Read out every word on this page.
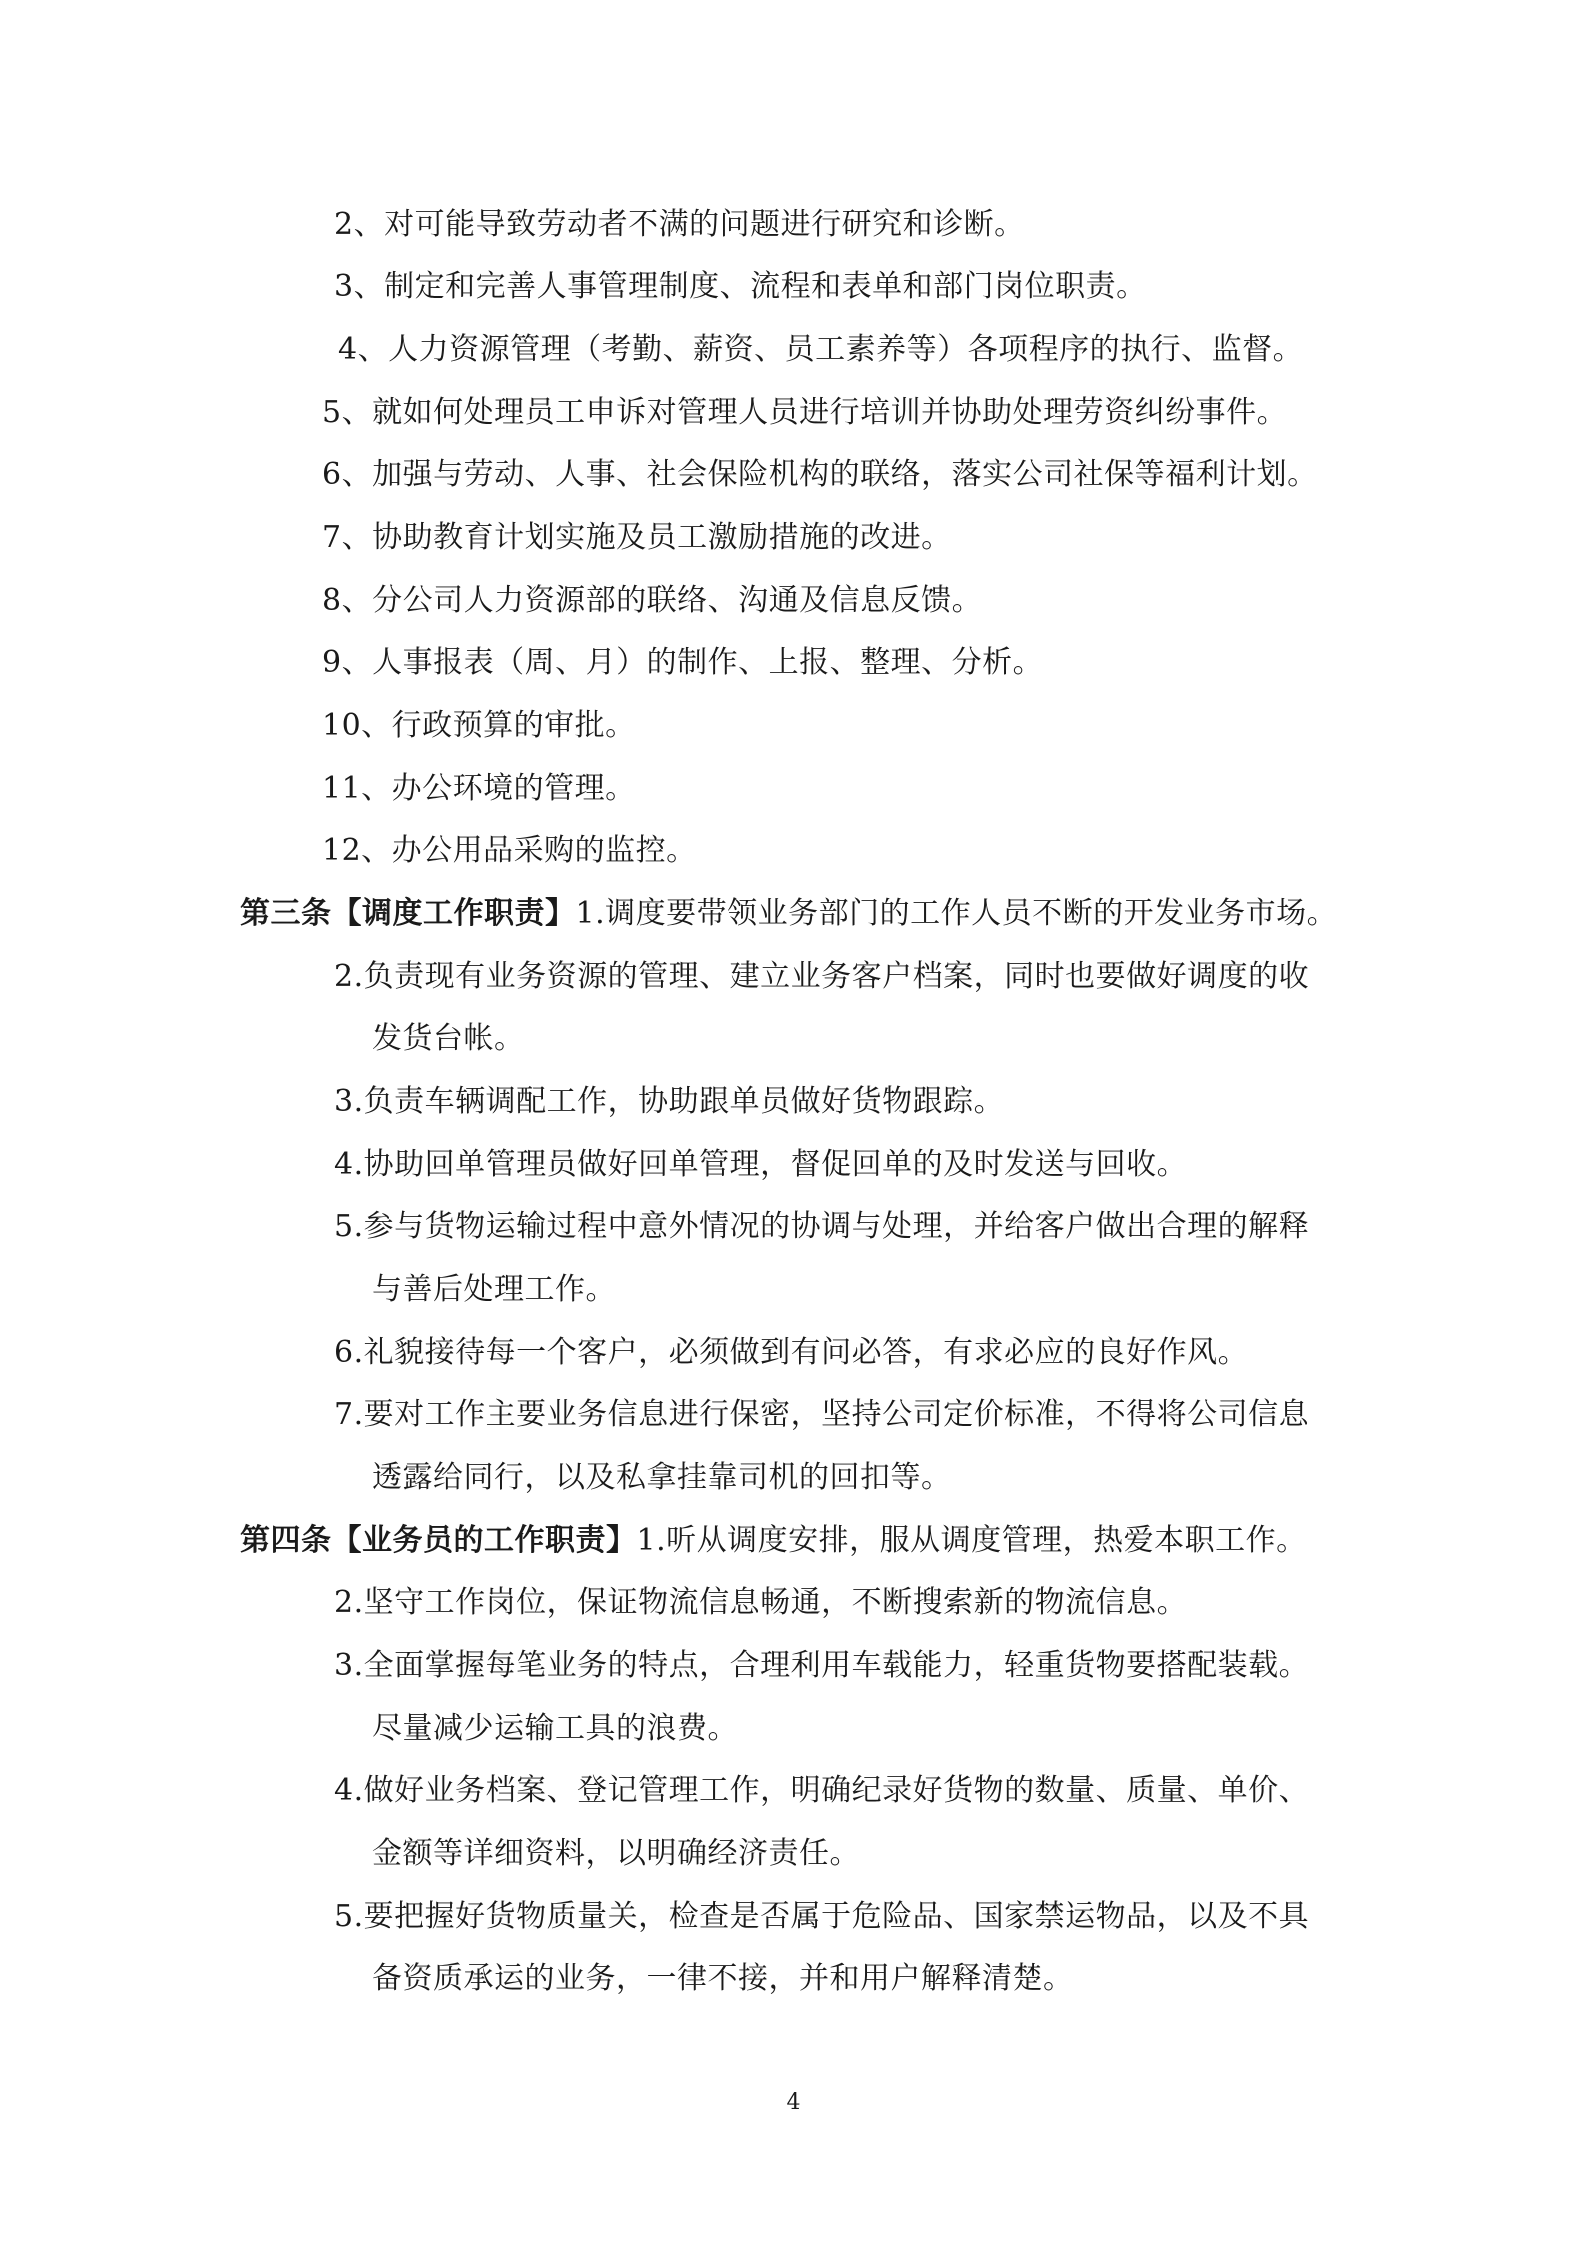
2、对可能导致劳动者不满的问题进行研究和诊断。
3、制定和完善人事管理制度、流程和表单和部门岗位职责。
4、人力资源管理（考勤、薪资、员工素养等）各项程序的执行、监督。
5、就如何处理员工申诉对管理人员进行培训并协助处理劳资纠纷事件。
6、加强与劳动、人事、社会保险机构的联络，落实公司社保等福利计划。
7、协助教育计划实施及员工激励措施的改进。
8、分公司人力资源部的联络、沟通及信息反馈。
9、人事报表（周、月）的制作、上报、整理、分析。
10、行政预算的审批。
11、办公环境的管理。
12、办公用品采购的监控。
第三条【调度工作职责】1.调度要带领业务部门的工作人员不断的开发业务市场。
2.负责现有业务资源的管理、建立业务客户档案，同时也要做好调度的收
发货台帐。
3.负责车辆调配工作，协助跟单员做好货物跟踪。
4.协助回单管理员做好回单管理，督促回单的及时发送与回收。
5.参与货物运输过程中意外情况的协调与处理，并给客户做出合理的解释
与善后处理工作。
6.礼貌接待每一个客户，必须做到有问必答，有求必应的良好作风。
7.要对工作主要业务信息进行保密，坚持公司定价标准，不得将公司信息
透露给同行，以及私拿挂靠司机的回扣等。
第四条【业务员的工作职责】1.听从调度安排，服从调度管理，热爱本职工作。
2.坚守工作岗位，保证物流信息畅通，不断搜索新的物流信息。
3.全面掌握每笔业务的特点，合理利用车载能力，轻重货物要搭配装载。
尽量减少运输工具的浪费。
4.做好业务档案、登记管理工作，明确纪录好货物的数量、质量、单价、
金额等详细资料，以明确经济责任。
5.要把握好货物质量关，检查是否属于危险品、国家禁运物品，以及不具
备资质承运的业务，一律不接，并和用户解释清楚。
4
